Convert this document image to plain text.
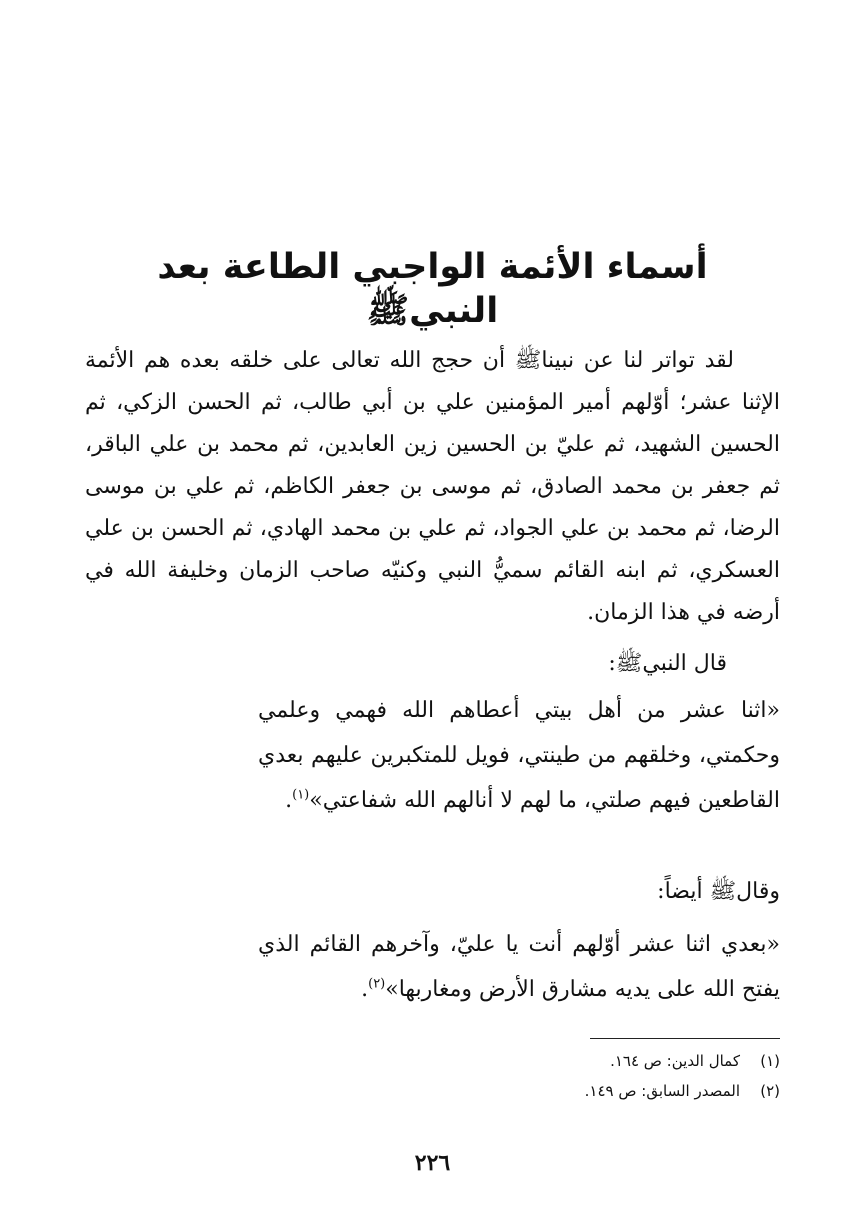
أسماء الأئمة الواجبي الطاعة بعد النبيﷺ

لقد تواتر لنا عن نبيناﷺ أن حجج الله تعالى على خلقه بعده هم الأئمة الإثنا عشر؛ أوّلهم أمير المؤمنين علي بن أبي طالب، ثم الحسن الزكي، ثم الحسين الشهيد، ثم عليّ بن الحسين زين العابدين، ثم محمد بن علي الباقر، ثم جعفر بن محمد الصادق، ثم موسى بن جعفر الكاظم، ثم علي بن موسى الرضا، ثم محمد بن علي الجواد، ثم علي بن محمد الهادي، ثم الحسن بن علي العسكري، ثم ابنه القائم سميُّ النبي وكنيّه صاحب الزمان وخليفة الله في أرضه في هذا الزمان.

قال النبيﷺ:

«اثنا عشر من أهل بيتي أعطاهم الله فهمي وعلمي وحكمتي، وخلقهم من طينتي، فويل للمتكبرين عليهم بعدي القاطعين فيهم صلتي، ما لهم لا أنالهم الله شفاعتي»$^{(١)}$.

وقالﷺ أيضاً:

«بعدي اثنا عشر أوّلهم أنت يا عليّ، وآخرهم القائم الذي يفتح الله على يديه مشارق الأرض ومغاربها»$^{(٢)}$.

(١)كمال الدين: ص ١٦٤.
(٢)المصدر السابق: ص ١٤٩.
٢٢٦
